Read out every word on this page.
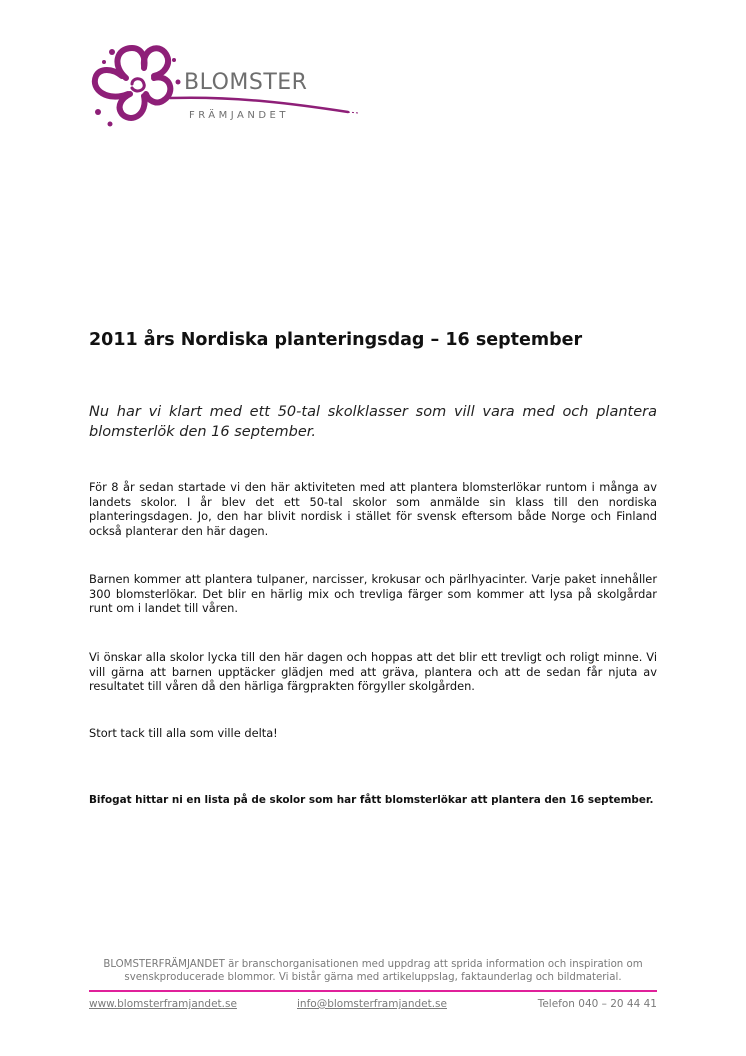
BLOMSTER
FRÄMJANDET
2011 års Nordiska planteringsdag – 16 september

Nu har vi klart med ett 50-tal skolklasser som vill vara med och plantera blomsterlök den 16 september.

För 8 år sedan startade vi den här aktiviteten med att plantera blomsterlökar runtom i många av landets skolor. I år blev det ett 50-tal skolor som anmälde sin klass till den nordiska planteringsdagen. Jo, den har blivit nordisk i stället för svensk eftersom både Norge och Finland också planterar den här dagen.

Barnen kommer att plantera tulpaner, narcisser, krokusar och pärlhyacinter. Varje paket innehåller 300 blomsterlökar. Det blir en härlig mix och trevliga färger som kommer att lysa på skolgårdar runt om i landet till våren.

Vi önskar alla skolor lycka till den här dagen och hoppas att det blir ett trevligt och roligt minne. Vi vill gärna att barnen upptäcker glädjen med att gräva, plantera och att de sedan får njuta av resultatet till våren då den härliga färgprakten förgyller skolgården.

Stort tack till alla som ville delta!

Bifogat hittar ni en lista på de skolor som har fått blomsterlökar att plantera den 16 september.

BLOMSTERFRÄMJANDET är branschorganisationen med uppdrag att sprida information och inspiration om svenskproducerade blommor. Vi bistår gärna med artikeluppslag, faktaunderlag och bildmaterial.
www.blomsterframjandet.se	info@blomsterframjandet.se	Telefon 040 – 20 44 41
